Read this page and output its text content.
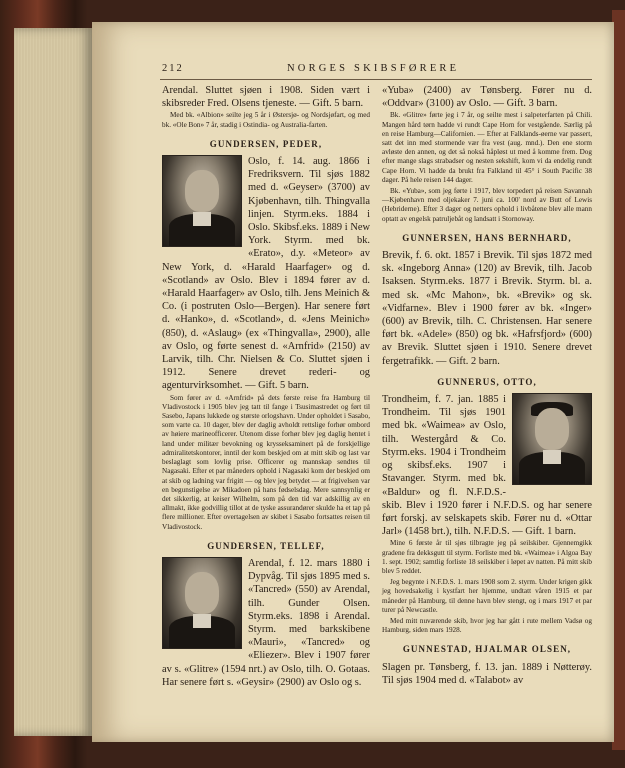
212	NORGES SKIBSFØRERE

Arendal. Sluttet sjøen i 1908. Siden vært i skibsreder Fred. Olsens tjeneste. — Gift. 5 barn.

Med bk. «Albion» seilte jeg 5 år i Østersjø- og Nordsjøfart, og med bk. «Ole Bon» 7 år, stadig i Ostindia- og Australia-farten.

GUNDERSEN, PEDER,

Oslo, f. 14. aug. 1866 i Fredriksvern. Til sjøs 1882 med d. «Geyser» (3700) av Kjøbenhavn, tilh. Thingvalla linjen. Styrm.eks. 1884 i Oslo. Skibsf.eks. 1889 i New York. Styrm. med bk. «Erato», d.y. «Meteor» av New York, d. «Harald Haarfager» og d. «Scotland» av Oslo. Blev i 1894 fører av d. «Harald Haarfager» av Oslo, tilh. Jens Meinich & Co. (i postruten Oslo—Bergen). Har senere ført d. «Hanko», d. «Scotland», d. «Jens Meinich» (850), d. «Aslaug» (ex «Thingvalla», 2900), alle av Oslo, og førte senest d. «Arnfrid» (2150) av Larvik, tilh. Chr. Nielsen & Co. Sluttet sjøen i 1912. Senere drevet rederi- og agenturvirksomhet. — Gift. 5 barn.

Som fører av d. «Arnfrid» på dets første reise fra Hamburg til Vladivostock i 1905 blev jeg tatt til fange i Tsusimastredet og ført til Sasebo, Japans lukkede og største orlogshavn. Under opholdet i Sasabo, som varte ca. 10 dager, blev der daglig avholdt rettslige forhør ombord av høiere marineofficerer. Utenom disse forhør blev jeg daglig hentet i land under militær bevokning og krysseksaminert på de forskjellige admiralitetskontorer, inntil der kom beskjed om at mitt skib og last var beslaglagt som lovlig prise. Officerer og mannskap sendtes til Nagasaki. Efter et par måneders ophold i Nagasaki kom der beskjed om at skib og ladning var frigitt — og blev jeg betydet — at frigivelsen var en begunstigelse av Mikadoen på hans fødselsdag. Mere sannsynlig er det sikkerlig, at keiser Wilhelm, som på den tid var adskillig av en allmakt, ikke godvillig tillot at de tyske assurandører skulde ha et tap på flere millioner. Efter overtagelsen av skibet i Sasabo fortsattes reisen til Vladivostock.

GUNDERSEN, TELLEF,

Arendal, f. 12. mars 1880 i Dypvåg. Til sjøs 1895 med s. «Tancred» (550) av Arendal, tilh. Gunder Olsen. Styrm.eks. 1898 i Arendal. Styrm. med barkskibene «Mauri», «Tancred» og «Eliezer». Blev i 1907 fører av s. «Glitre» (1594 nrt.) av Oslo, tilh. O. Gotaas. Har senere ført s. «Geysir» (2900) av Oslo og s.

«Yuba» (2400) av Tønsberg. Fører nu d. «Oddvar» (3100) av Oslo. — Gift. 3 barn.

Bk. «Glitre» førte jeg i 7 år, og seilte mest i salpeterfarten på Chili. Mangen hård tørn hadde vi rundt Cape Horn for vestgående. Særlig på en reise Hamburg—Californien. — Efter at Falklands-øerne var passert, satt det inn med stormende vær fra vest (aug. mnd.). Den ene storm avløste den annen, og det så nokså håpløst ut med å komme frem. Dog efter mange slags strabadser og nesten sekshift, kom vi da endelig rundt Cape Horn. Vi hadde da brukt fra Falkland til 45° i South Pacific 38 dager. På hele reisen 144 dager.

Bk. «Yuba», som jeg førte i 1917, blev torpedert på reisen Savannah—Kjøbenhavn med oljekaker 7. juni ca. 100' nord av Butt of Lewis (Hebriderne). Efter 3 dager og netters ophold i livbåtene blev alle mann optatt av engelsk patruljebåt og landsatt i Stornoway.

GUNNERSEN, HANS BERNHARD,

Brevik, f. 6. okt. 1857 i Brevik. Til sjøs 1872 med sk. «Ingeborg Anna» (120) av Brevik, tilh. Jacob Isaksen. Styrm.eks. 1877 i Brevik. Styrm. bl. a. med sk. «Mc Mahon», bk. «Brevik» og sk. «Vidfarne». Blev i 1900 fører av bk. «Inger» (600) av Brevik, tilh. C. Christensen. Har senere ført bk. «Adele» (850) og bk. «Hafrsfjord» (600) av Brevik. Sluttet sjøen i 1910. Senere drevet fergetrafikk. — Gift. 2 barn.

GUNNERUS, OTTO,

Trondheim, f. 7. jan. 1885 i Trondheim. Til sjøs 1901 med bk. «Waimea» av Oslo, tilh. Westergård & Co. Styrm.eks. 1904 i Trondheim og skibsf.eks. 1907 i Stavanger. Styrm. med bk. «Baldur» og fl. N.F.D.S.-skib. Blev i 1920 fører i N.F.D.S. og har senere ført forskj. av selskapets skib. Fører nu d. «Ottar Jarl» (1458 brt.), tilh. N.F.D.S. — Gift. 1 barn.

Mine 6 første år til sjøs tilbragte jeg på seilskiber. Gjennemgikk gradene fra dekksgutt til styrm. Forliste med bk. «Waimea» i Algoa Bay 1. sept. 1902; samtlig forliste 18 seilskiber i løpet av natten. På mitt skib blev 5 reddet.

Jeg begynte i N.F.D.S. 1. mars 1908 som 2. styrm. Under krigen gikk jeg hovedsakelig i kystfart her hjemme, undtatt våren 1915 et par måneder på Hamburg, til denne havn blev stengt, og i mars 1917 et par turer på Newcastle.

Med mitt nuværende skib, hvor jeg har gått i rute mellem Vadsø og Hamburg, siden mars 1928.

GUNNESTAD, HJALMAR OLSEN,

Slagen pr. Tønsberg, f. 13. jan. 1889 i Nøtterøy. Til sjøs 1904 med d. «Talabot» av
